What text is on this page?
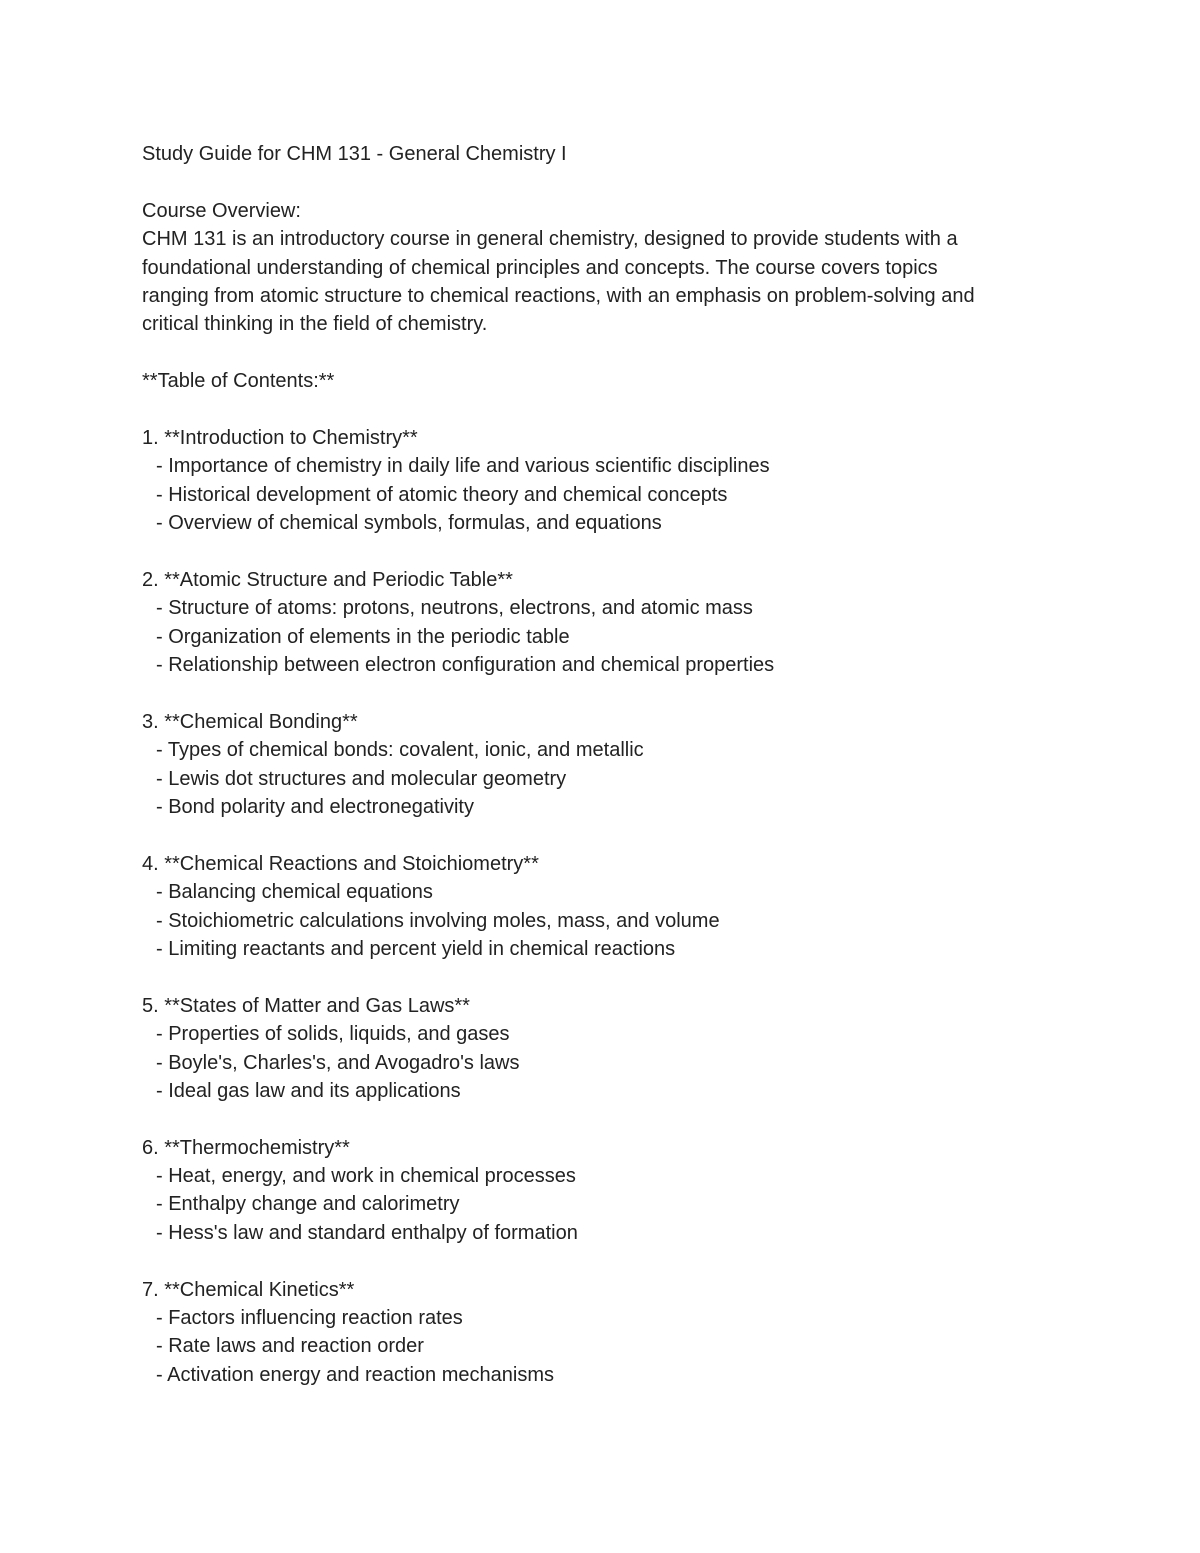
Study Guide for CHM 131 - General Chemistry I
Course Overview:
CHM 131 is an introductory course in general chemistry, designed to provide students with a
foundational understanding of chemical principles and concepts. The course covers topics
ranging from atomic structure to chemical reactions, with an emphasis on problem-solving and
critical thinking in the field of chemistry.
**Table of Contents:**
1. **Introduction to Chemistry**
- Importance of chemistry in daily life and various scientific disciplines
- Historical development of atomic theory and chemical concepts
- Overview of chemical symbols, formulas, and equations
2. **Atomic Structure and Periodic Table**
- Structure of atoms: protons, neutrons, electrons, and atomic mass
- Organization of elements in the periodic table
- Relationship between electron configuration and chemical properties
3. **Chemical Bonding**
- Types of chemical bonds: covalent, ionic, and metallic
- Lewis dot structures and molecular geometry
- Bond polarity and electronegativity
4. **Chemical Reactions and Stoichiometry**
- Balancing chemical equations
- Stoichiometric calculations involving moles, mass, and volume
- Limiting reactants and percent yield in chemical reactions
5. **States of Matter and Gas Laws**
- Properties of solids, liquids, and gases
- Boyle's, Charles's, and Avogadro's laws
- Ideal gas law and its applications
6. **Thermochemistry**
- Heat, energy, and work in chemical processes
- Enthalpy change and calorimetry
- Hess's law and standard enthalpy of formation
7. **Chemical Kinetics**
- Factors influencing reaction rates
- Rate laws and reaction order
- Activation energy and reaction mechanisms
